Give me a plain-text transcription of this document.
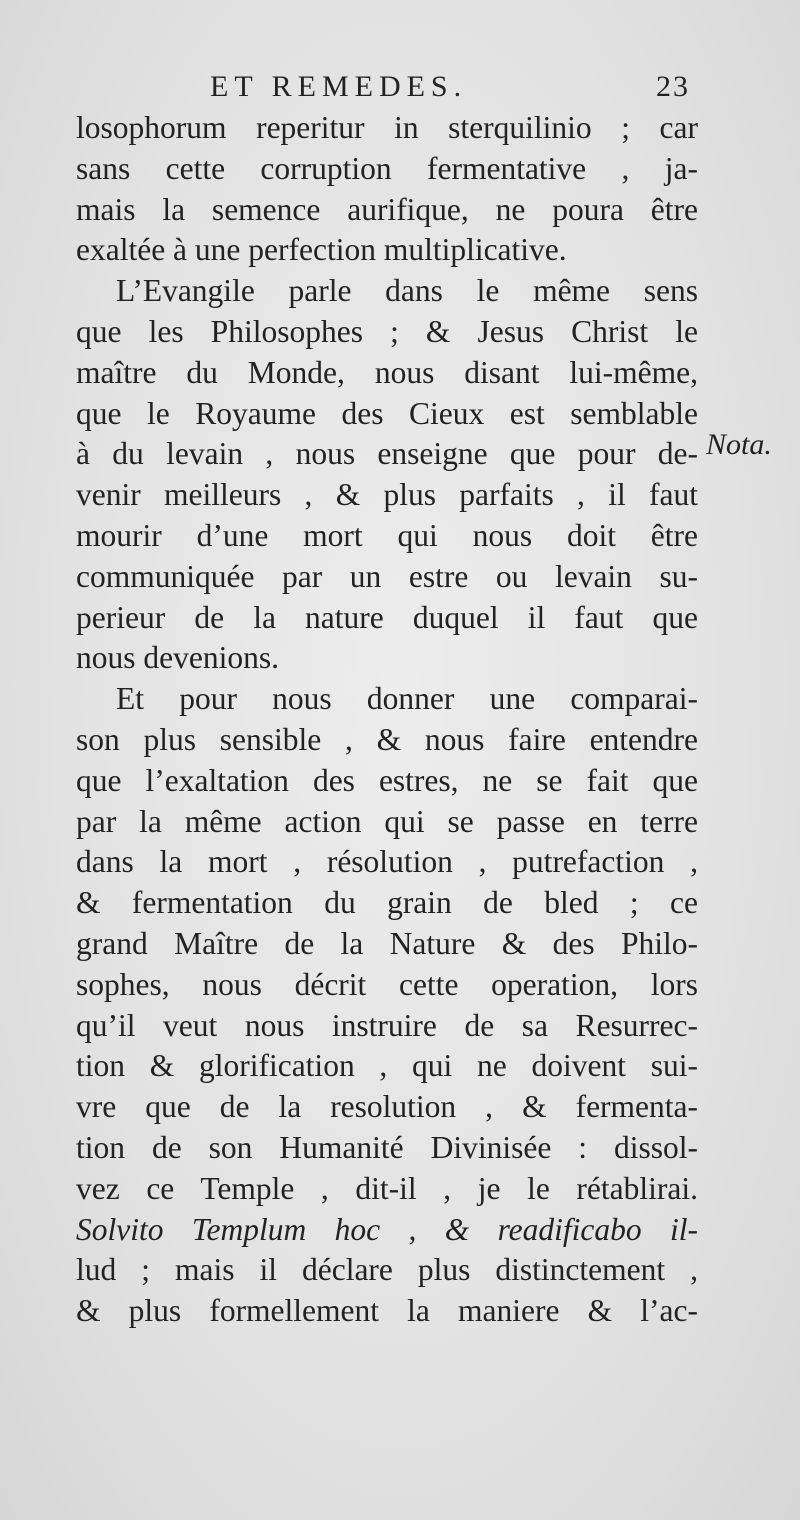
ET REMEDES.	23
losophorum reperitur in sterquilinio ; car
sans cette corruption fermentative , ja-
mais la semence aurifique, ne poura être
exaltée à une perfection multiplicative.
L’Evangile parle dans le même sens
que les Philosophes ; & Jesus Christ le
maître du Monde, nous disant lui-même,
que le Royaume des Cieux est semblable
à du levain , nous enseigne que pour de-
venir meilleurs , & plus parfaits , il faut
mourir d’une mort qui nous doit être
communiquée par un estre ou levain su-
perieur de la nature duquel il faut que
nous devenions.
Et pour nous donner une comparai-
son plus sensible , & nous faire entendre
que l’exaltation des estres, ne se fait que
par la même action qui se passe en terre
dans la mort , résolution , putrefaction ,
& fermentation du grain de bled ; ce
grand Maître de la Nature & des Philo-
sophes, nous décrit cette operation, lors
qu’il veut nous instruire de sa Resurrec-
tion & glorification , qui ne doivent sui-
vre que de la resolution , & fermenta-
tion de son Humanité Divinisée : dissol-
vez ce Temple , dit-il , je le rétablirai.
Solvito Templum hoc , & readificabo il-
lud ; mais il déclare plus distinctement ,
& plus formellement la maniere & l’ac-
Nota.
